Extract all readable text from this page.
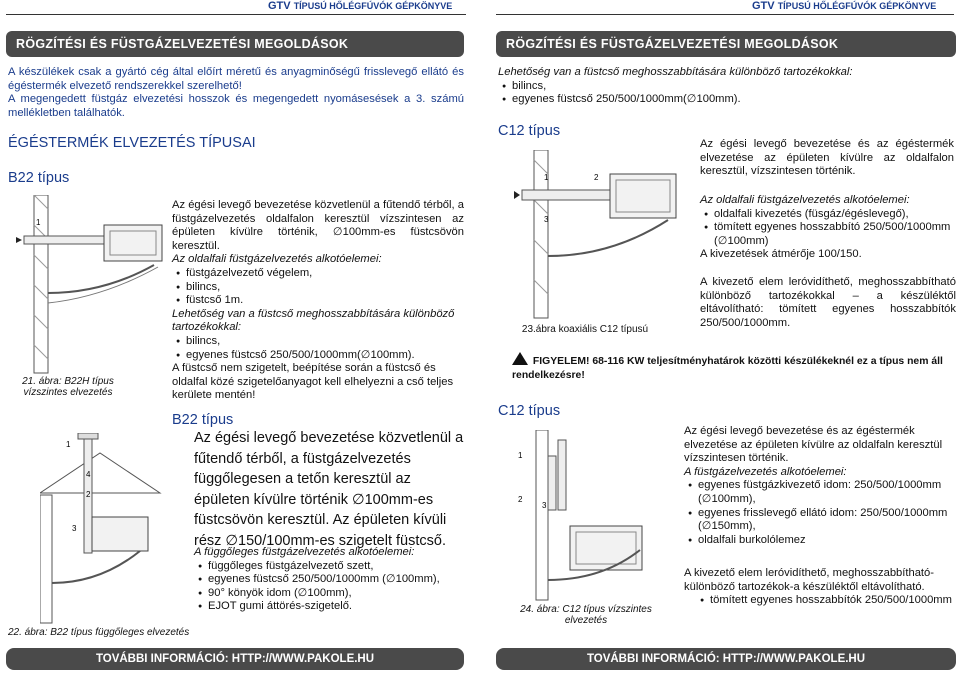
GTV TÍPUSÚ HŐLÉGFÚVÓK GÉPKÖNYVE	GTV TÍPUSÚ HŐLÉGFÚVÓK GÉPKÖNYVE
RÖGZÍTÉSI ÉS FÜSTGÁZELVEZETÉSI MEGOLDÁSOK

A készülékek csak a gyártó cég által előírt méretű és anyagminőségű frisslevegő ellátó és égéstermék elvezető rendszerekkel szerelhető!

A megengedett füstgáz elvezetési hosszok és megengedett nyomásesések a 3. számú mellékletben találhatók.

ÉGÉSTERMÉK ELVEZETÉS TÍPUSAI
B22 típus
1
21. ábra: B22H típus vízszintes elvezetés
1
4
2
3
22. ábra: B22 típus függőleges elvezetés

Az égési levegő bevezetése közvetlenül a fűtendő térből, a füstgázelvezetés oldalfalon keresztül vízszintesen az épületen kívülre történik, ∅100mm-es füstcsövön keresztül.

Az oldalfali füstgázelvezetés alkotóelemei:

● füstgázelvezető végelem,
● bilincs,
● füstcső 1m.

Lehetőség van a füstcső meghosszabbítására különböző tartozékokkal:

● bilincs,
● egyenes füstcső 250/500/1000mm(∅100mm).

A füstcső nem szigetelt, beépítése során a füstcső és oldalfal közé szigetelőanyagot kell elhelyezni a cső teljes kerülete mentén!

B22 típus
Az égési levegő bevezetése közvetlenül a fűtendő térből, a füstgázelvezetés függőlegesen a tetőn keresztül az épületen kívülre történik ∅100mm-es füstcsövön keresztül. Az épületen kívüli rész ∅150/100mm-es szigetelt füstcső.

A függőleges füstgázelvezetés alkotóelemei:

● függőleges füstgázelvezető szett,
● egyenes füstcső 250/500/1000mm (∅100mm),
● 90° könyök idom (∅100mm),
● EJOT gumi áttörés-szigetelő.
TOVÁBBI INFORMÁCIÓ: HTTP://WWW.PAKOLE.HU
RÖGZÍTÉSI ÉS FÜSTGÁZELVEZETÉSI MEGOLDÁSOK

Lehetőség van a füstcső meghosszabbítására különböző tartozékokkal:

● bilincs,
● egyenes füstcső 250/500/1000mm(∅100mm).
C12 típus
1	2
3
23.ábra koaxiális C12 típusú
Az égési levegő bevezetése és az égéstermék elvezetése az épületen kívülre az oldalfalon keresztül, vízszintesen történik.

Az oldalfali füstgázelvezetés alkotóelemei:

● oldalfali kivezetés (füsgáz/égéslevegő),
● tömített egyenes hosszabbító 250/500/1000mm (∅100mm)

A kivezetések átmérője 100/150.

A kivezető elem leróvidíthető, meghosszabbítható különböző tartozékokkal – a készüléktől eltávolítható: tömített egyenes hosszabbítók 250/500/1000mm.
FIGYELEM! 68-116 KW teljesítményhatárok közötti készülékeknél ez a típus nem áll rendelkezésre!
C12 típus
1
2
3
24. ábra: C12 típus vízszintes elvezetés

Az égési levegő bevezetése és az égéstermék elvezetése az épületen kívülre az oldalfaln keresztül vízszintesen történik.

A füstgázelvezetés alkotóelemei:

● egyenes füstgázkivezető idom: 250/500/1000mm (∅100mm),
● egyenes frisslevegő ellátó idom: 250/500/1000mm (∅150mm),
● oldalfali burkolólemez

A kivezető elem leróvidíthető, meghosszabbítható-különböző tartozékok-a készüléktől eltávolítható.

● tömített egyenes hosszabbítók 250/500/1000mm
TOVÁBBI INFORMÁCIÓ: HTTP://WWW.PAKOLE.HU
